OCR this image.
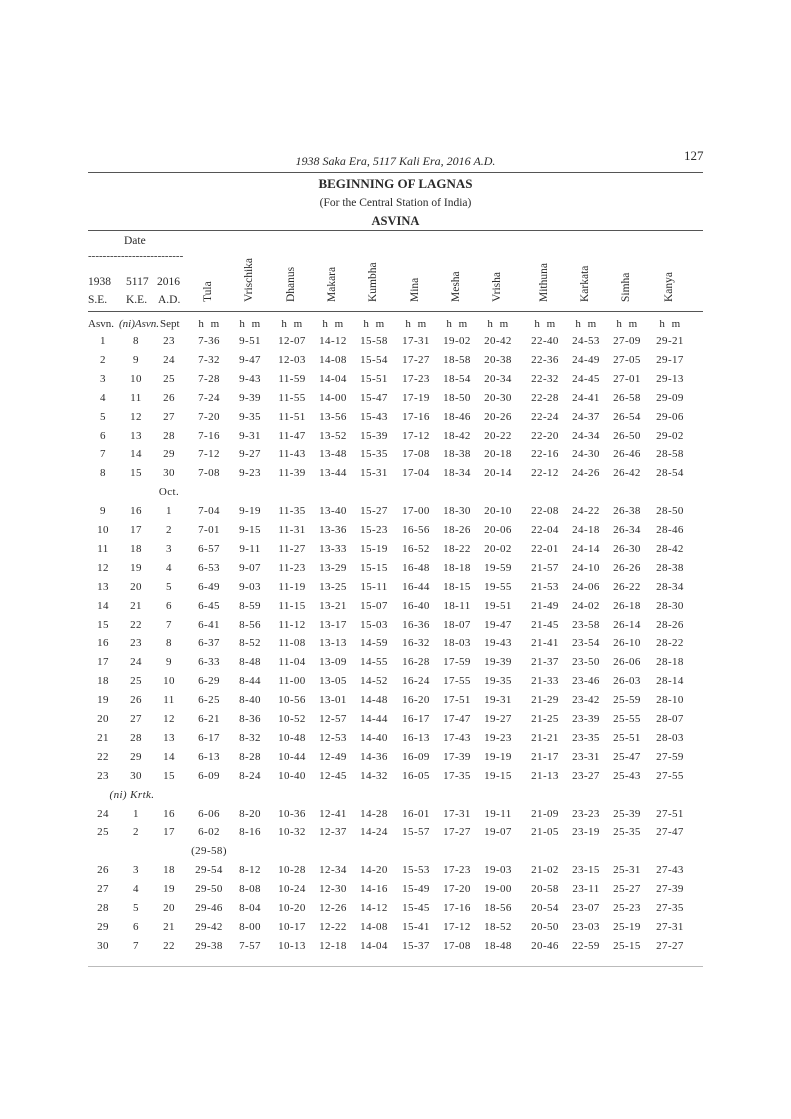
1938 Saka Era, 5117 Kali Era, 2016 A.D.	127
BEGINNING OF LAGNAS
(For the Central Station of India)
ASVINA
Date
--------------------------
1938 5117 2016
S.E. K.E. A.D. Tula	Vrischika	Dhanus	Makara	Kumbha	Mina	Mesha	Vrisha	Mithuna	Karkata	Simha	Kanya
Asvn. (ni)Asvn. Sept	h  m	h  m	h  m	h  m	h  m	h  m	h  m	h  m	h  m	h  m	h  m	h  m
1	8	23	7-36	9-51	12-07	14-12	15-58	17-31	19-02	20-42	22-40	24-53	27-09	29-21
2	9	24	7-32	9-47	12-03	14-08	15-54	17-27	18-58	20-38	22-36	24-49	27-05	29-17
3	10	25	7-28	9-43	11-59	14-04	15-51	17-23	18-54	20-34	22-32	24-45	27-01	29-13
4	11	26	7-24	9-39	11-55	14-00	15-47	17-19	18-50	20-30	22-28	24-41	26-58	29-09
5	12	27	7-20	9-35	11-51	13-56	15-43	17-16	18-46	20-26	22-24	24-37	26-54	29-06
6	13	28	7-16	9-31	11-47	13-52	15-39	17-12	18-42	20-22	22-20	24-34	26-50	29-02
7	14	29	7-12	9-27	11-43	13-48	15-35	17-08	18-38	20-18	22-16	24-30	26-46	28-58
8	15	30	7-08	9-23	11-39	13-44	15-31	17-04	18-34	20-14	22-12	24-26	26-42	28-54
Oct.
9	16	1	7-04	9-19	11-35	13-40	15-27	17-00	18-30	20-10	22-08	24-22	26-38	28-50
10	17	2	7-01	9-15	11-31	13-36	15-23	16-56	18-26	20-06	22-04	24-18	26-34	28-46
11	18	3	6-57	9-11	11-27	13-33	15-19	16-52	18-22	20-02	22-01	24-14	26-30	28-42
12	19	4	6-53	9-07	11-23	13-29	15-15	16-48	18-18	19-59	21-57	24-10	26-26	28-38
13	20	5	6-49	9-03	11-19	13-25	15-11	16-44	18-15	19-55	21-53	24-06	26-22	28-34
14	21	6	6-45	8-59	11-15	13-21	15-07	16-40	18-11	19-51	21-49	24-02	26-18	28-30
15	22	7	6-41	8-56	11-12	13-17	15-03	16-36	18-07	19-47	21-45	23-58	26-14	28-26
16	23	8	6-37	8-52	11-08	13-13	14-59	16-32	18-03	19-43	21-41	23-54	26-10	28-22
17	24	9	6-33	8-48	11-04	13-09	14-55	16-28	17-59	19-39	21-37	23-50	26-06	28-18
18	25	10	6-29	8-44	11-00	13-05	14-52	16-24	17-55	19-35	21-33	23-46	26-03	28-14
19	26	11	6-25	8-40	10-56	13-01	14-48	16-20	17-51	19-31	21-29	23-42	25-59	28-10
20	27	12	6-21	8-36	10-52	12-57	14-44	16-17	17-47	19-27	21-25	23-39	25-55	28-07
21	28	13	6-17	8-32	10-48	12-53	14-40	16-13	17-43	19-23	21-21	23-35	25-51	28-03
22	29	14	6-13	8-28	10-44	12-49	14-36	16-09	17-39	19-19	21-17	23-31	25-47	27-59
23	30	15	6-09	8-24	10-40	12-45	14-32	16-05	17-35	19-15	21-13	23-27	25-43	27-55
(ni) Krtk.
24	1	16	6-06	8-20	10-36	12-41	14-28	16-01	17-31	19-11	21-09	23-23	25-39	27-51
25	2	17	6-02	8-16	10-32	12-37	14-24	15-57	17-27	19-07	21-05	23-19	25-35	27-47
(29-58)
26	3	18	29-54	8-12	10-28	12-34	14-20	15-53	17-23	19-03	21-02	23-15	25-31	27-43
27	4	19	29-50	8-08	10-24	12-30	14-16	15-49	17-20	19-00	20-58	23-11	25-27	27-39
28	5	20	29-46	8-04	10-20	12-26	14-12	15-45	17-16	18-56	20-54	23-07	25-23	27-35
29	6	21	29-42	8-00	10-17	12-22	14-08	15-41	17-12	18-52	20-50	23-03	25-19	27-31
30	7	22	29-38	7-57	10-13	12-18	14-04	15-37	17-08	18-48	20-46	22-59	25-15	27-27
